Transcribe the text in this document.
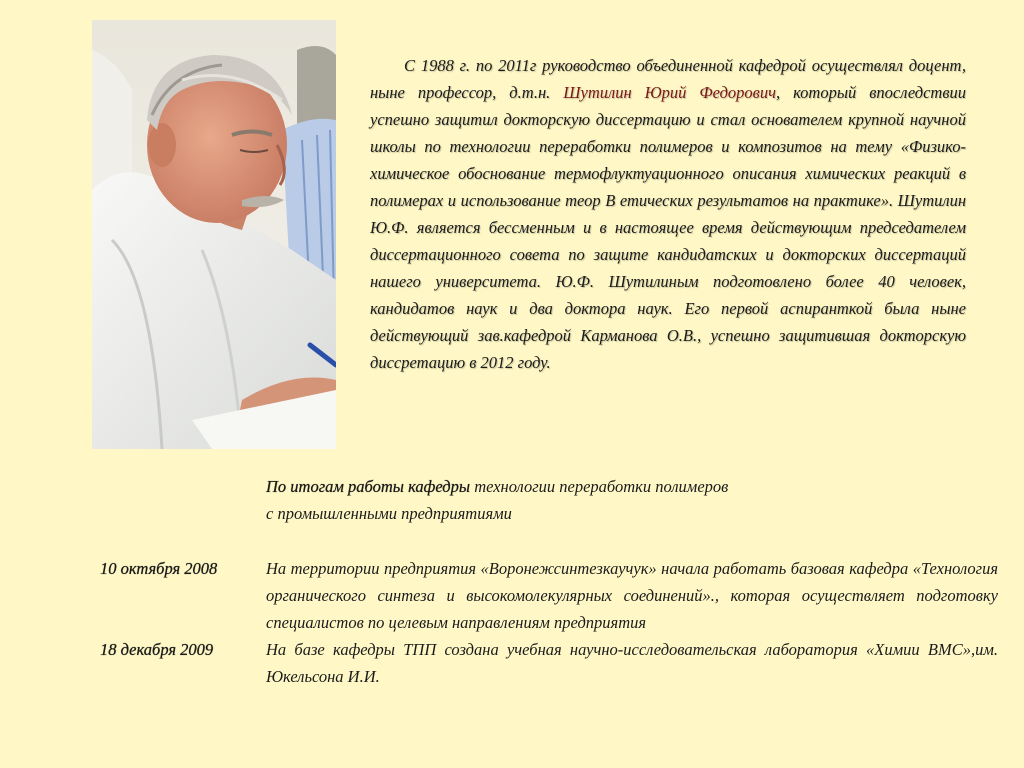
С 1988 г. по 2011г руководство объединенной кафедрой осуществлял доцент, ныне профессор, д.т.н. Шутилин Юрий Федорович, который впоследствии успешно защитил докторскую диссертацию и стал основателем крупной научной школы по технологии переработки полимеров и композитов на тему «Физико-химическое обоснование термофлуктуационного описания химических реакций в полимерах и использование теор В етических результатов на практике». Шутилин Ю.Ф. является бессменным и в настоящее время действующим председателем диссертационного совета по защите кандидатских и докторских диссертаций нашего университета. Ю.Ф. Шутилиным подготовлено более 40 человек, кандидатов наук и два доктора наук. Его первой аспиранткой была ныне действующий зав.кафедрой Карманова О.В., успешно защитившая докторскую диссретацию в 2012 году.
По итогам работы кафедры технологии переработки полимеров
с промышленными предприятиями
10 октября 2008	На территории предприятия «Воронежсинтезкаучук» начала работать базовая кафедра «Технология органического синтеза и высокомолекулярных соединений»., которая осуществляет подготовку специалистов по целевым направлениям предприятия
18 декабря 2009	На базе кафедры ТПП создана учебная научно-исследовательская лаборатория «Химии ВМС»,им. Юкельсона И.И.
